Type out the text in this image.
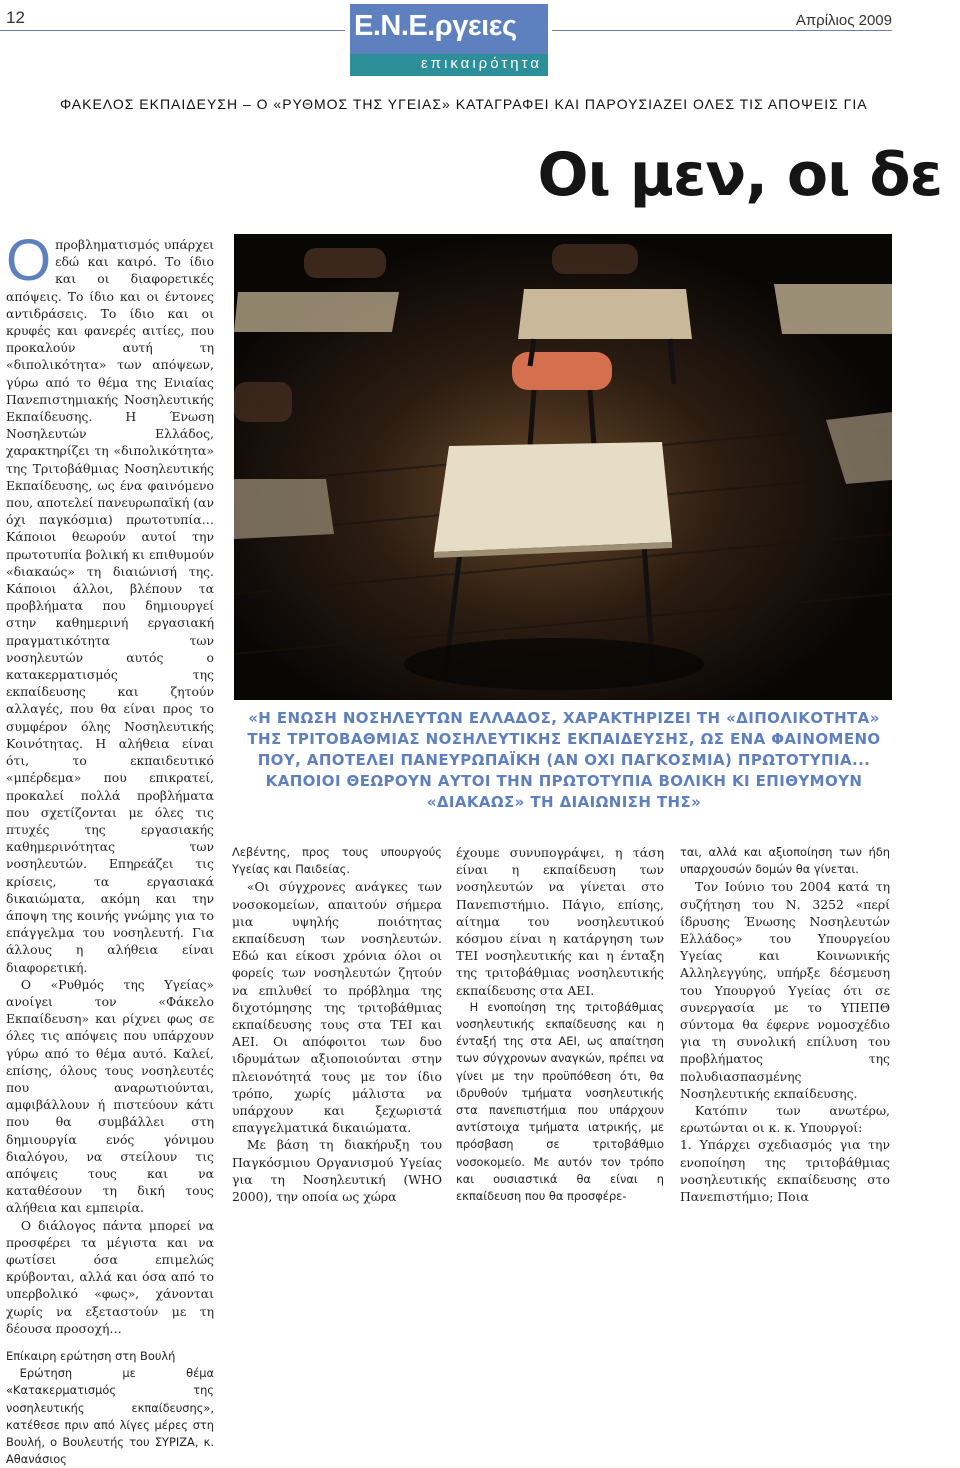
12	Απρίλιος 2009
Ε.Ν.Ε.ργειες
επικαιρότητα
ΦΑΚΕΛΟΣ ΕΚΠΑΙΔΕΥΣΗ – Ο «ΡΥΘΜΟΣ ΤΗΣ ΥΓΕΙΑΣ» ΚΑΤΑΓΡΑΦΕΙ ΚΑΙ ΠΑΡΟΥΣΙΑΖΕΙ ΟΛΕΣ ΤΙΣ ΑΠΟΨΕΙΣ ΓΙΑ
Οι μεν, οι δε
Ο προβληματισμός υπάρχει εδώ και καιρό. Το ίδιο και οι διαφορετικές απόψεις. Το ίδιο και οι έντονες αντιδράσεις. Το ίδιο και οι κρυφές και φανερές αιτίες, που προκαλούν αυτή τη «διπολικότητα» των απόψεων, γύρω από το θέμα της Ενιαίας Πανεπιστημιακής Νοσηλευτικής Εκπαίδευσης. Η Ένωση Νοσηλευτών Ελλάδος, χαρακτηρίζει τη «διπολικότητα» της Τριτοβάθμιας Νοσηλευτικής Εκπαίδευσης, ως ένα φαινόμενο που, αποτελεί πανευρωπαϊκή (αν όχι παγκόσμια) πρωτοτυπία…Κάποιοι θεωρούν αυτοί την πρωτοτυπία βολική κι επιθυμούν «διακαώς» τη διαιώνισή της. Κάποιοι άλλοι, βλέπουν τα προβλήματα που δημιουργεί στην καθημερινή εργασιακή πραγματικότητα των νοσηλευτών αυτός ο κατακερματισμός της εκπαίδευσης και ζητούν αλλαγές, που θα είναι προς το συμφέρον όλης Νοσηλευτικής Κοινότητας. Η αλήθεια είναι ότι, το εκπαιδευτικό «μπέρδεμα» που επικρατεί, προκαλεί πολλά προβλήματα που σχετίζονται με όλες τις πτυχές της εργασιακής καθημερινότητας των νοσηλευτών. Επηρεάζει τις κρίσεις, τα εργασιακά δικαιώματα, ακόμη και την άποψη της κοινής γνώμης για το επάγγελμα του νοσηλευτή. Για άλλους η αλήθεια είναι διαφορετική.

Ο «Ρυθμός της Υγείας» ανοίγει τον «Φάκελο Εκπαίδευση» και ρίχνει φως σε όλες τις απόψεις που υπάρχουν γύρω από το θέμα αυτό. Καλεί, επίσης, όλους τους νοσηλευτές που αναρωτιούνται, αμφιβάλλουν ή πιστεύουν κάτι που θα συμβάλλει στη δημιουργία ενός γόνιμου διαλόγου, να στείλουν τις απόψεις τους και να καταθέσουν τη δική τους αλήθεια και εμπειρία.

Ο διάλογος πάντα μπορεί να προσφέρει τα μέγιστα και να φωτίσει όσα επιμελώς κρύβονται, αλλά και όσα από το υπερβολικό «φως», χάνονται χωρίς να εξεταστούν με τη δέουσα προσοχή…

Επίκαιρη ερώτηση στη Βουλή

Ερώτηση με θέμα «Κατακερματισμός της νοσηλευτικής εκπαίδευσης», κατέθεσε πριν από λίγες μέρες στη Βουλή, ο Βουλευτής του ΣΥΡΙΖΑ, κ. Αθανάσιος

«Η ΕΝΩΣΗ ΝΟΣΗΛΕΥΤΩΝ ΕΛΛΑΔΟΣ, ΧΑΡΑΚΤΗΡΙΖΕΙ ΤΗ «ΔΙΠΟΛΙΚΟΤΗΤΑ» ΤΗΣ ΤΡΙΤΟΒΑΘΜΙΑΣ ΝΟΣΗΛΕΥΤΙΚΗΣ ΕΚΠΑΙΔΕΥΣΗΣ, ΩΣ ΕΝΑ ΦΑΙΝΟΜΕΝΟ ΠΟΥ, ΑΠΟΤΕΛΕΙ ΠΑΝΕΥΡΩΠΑΪΚΗ (ΑΝ ΟΧΙ ΠΑΓΚΟΣΜΙΑ) ΠΡΩΤΟΤΥΠΙΑ... ΚΑΠΟΙΟΙ ΘΕΩΡΟΥΝ ΑΥΤΟΙ ΤΗΝ ΠΡΩΤΟΤΥΠΙΑ ΒΟΛΙΚΗ ΚΙ ΕΠΙΘΥΜΟΥΝ «ΔΙΑΚΑΩΣ» ΤΗ ΔΙΑΙΩΝΙΣΗ ΤΗΣ»

Λεβέντης, προς τους υπουργούς Υγείας και Παιδείας.

«Οι σύγχρονες ανάγκες των νοσοκομείων, απαιτούν σήμερα μια υψηλής ποιότητας εκπαίδευση των νοσηλευτών. Εδώ και είκοσι χρόνια όλοι οι φορείς των νοσηλευτών ζητούν να επιλυθεί το πρόβλημα της διχοτόμησης της τριτοβάθμιας εκπαίδευσης τους στα ΤΕΙ και ΑΕΙ. Οι απόφοιτοι των δυο ιδρυμάτων αξιοποιούνται στην πλειονότητά τους με τον ίδιο τρόπο, χωρίς μάλιστα να υπάρχουν και ξεχωριστά επαγγελματικά δικαιώματα.

Με βάση τη διακήρυξη του Παγκόσμιου Οργανισμού Υγείας για τη Νοσηλευτική (WHO 2000), την οποία ως χώρα

έχουμε συνυπογράψει, η τάση είναι η εκπαίδευση των νοσηλευτών να γίνεται στο Πανεπιστήμιο. Πάγιο, επίσης, αίτημα του νοσηλευτικού κόσμου είναι η κατάργηση των ΤΕΙ νοσηλευτικής και η ένταξη της τριτοβάθμιας νοσηλευτικής εκπαίδευσης στα ΑΕΙ.

Η ενοποίηση της τριτοβάθμιας νοσηλευτικής εκπαίδευσης και η ένταξή της στα ΑΕΙ, ως απαίτηση των σύγχρονων αναγκών, πρέπει να γίνει με την προϋπόθεση ότι, θα ιδρυθούν τμήματα νοσηλευτικής στα πανεπιστήμια που υπάρχουν αντίστοιχα τμήματα ιατρικής, με πρόσβαση σε τριτοβάθμιο νοσοκομείο. Με αυτόν τον τρόπο και ουσιαστικά θα είναι η εκπαίδευση που θα προσφέρε-

ται, αλλά και αξιοποίηση των ήδη υπαρχουσών δομών θα γίνεται.

Τον Ιούνιο του 2004 κατά τη συζήτηση του Ν. 3252 «περί ίδρυσης Ένωσης Νοσηλευτών Ελλάδος» του Υπουργείου Υγείας και Κοινωνικής Αλληλεγγύης, υπήρξε δέσμευση του Υπουργού Υγείας ότι σε συνεργασία με το ΥΠΕΠΘ σύντομα θα έφερνε νομοσχέδιο για τη συνολική επίλυση του προβλήματος της πολυδιασπασμένης Νοσηλευτικής εκπαίδευσης.

Κατόπιν των ανωτέρω, ερωτώνται οι κ. κ. Υπουργοί:

1. Υπάρχει σχεδιασμός για την ενοποίηση της τριτοβάθμιας νοσηλευτικής εκπαίδευσης στο Πανεπιστήμιο; Ποια
